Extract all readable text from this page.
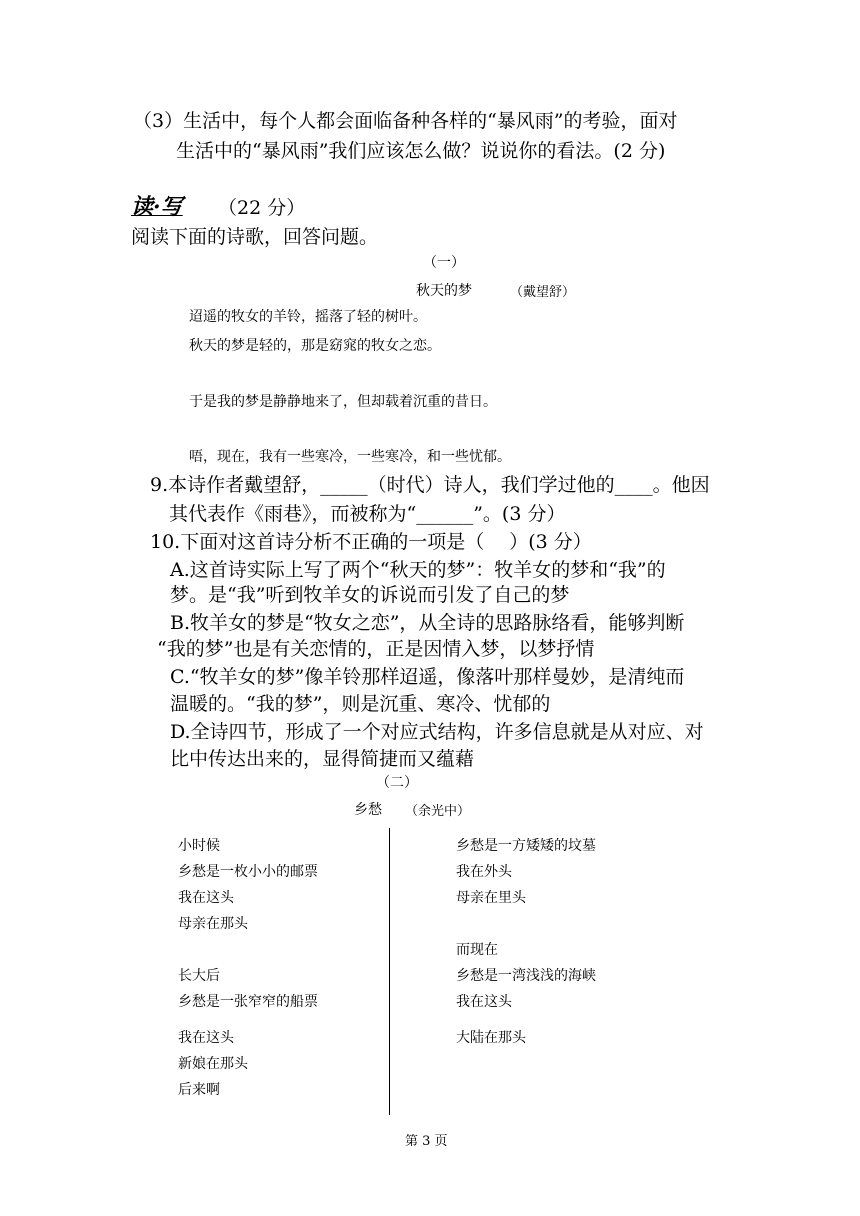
（3）生活中，每个人都会面临备种各样的“暴风雨”的考验，面对
生活中的“暴风雨”我们应该怎么做？说说你的看法。(2 分)
读·写 （22 分）
阅读下面的诗歌，回答问题。
（一）
秋天的梦	（戴望舒）
迢遥的牧女的羊铃，摇落了轻的树叶。
秋天的梦是轻的，那是窈窕的牧女之恋。
于是我的梦是静静地来了，但却载着沉重的昔日。
唔，现在，我有一些寒冷，一些寒冷，和一些忧郁。
9.本诗作者戴望舒，_____（时代）诗人，我们学过他的____。他因
其代表作《雨巷》，而被称为“______”。(3 分）
10.下面对这首诗分析不正确的一项是（　 ）(3 分）
A.这首诗实际上写了两个“秋天的梦”：牧羊女的梦和“我”的
梦。是“我”听到牧羊女的诉说而引发了自己的梦
B.牧羊女的梦是“牧女之恋”，从全诗的思路脉络看，能够判断
“我的梦”也是有关恋情的，正是因情入梦，以梦抒情
C.“牧羊女的梦”像羊铃那样迢遥，像落叶那样曼妙，是清纯而
温暖的。“我的梦”，则是沉重、寒冷、忧郁的
D.全诗四节，形成了一个对应式结构，许多信息就是从对应、对
比中传达出来的，显得简捷而又蕴藉
（二）
乡愁 （余光中）
小时候
乡愁是一枚小小的邮票
我在这头
母亲在那头
长大后
乡愁是一张窄窄的船票
我在这头
新娘在那头
后来啊
乡愁是一方矮矮的坟墓
我在外头
母亲在里头
而现在
乡愁是一湾浅浅的海峡
我在这头
大陆在那头
第 3 页
